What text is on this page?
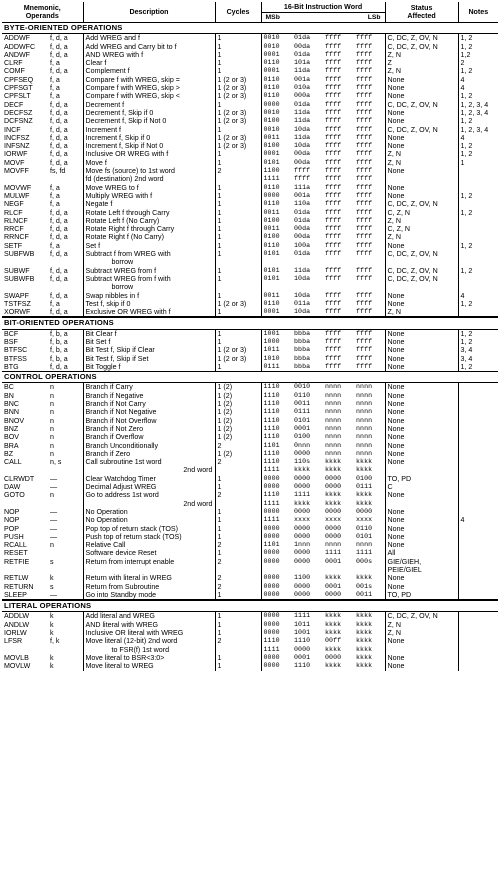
Mnemonic,
Operands		Description	Cycles	16-Bit Instruction Word				Status
Affected	Notes
				MSb		LSb			
BYTE-ORIENTED OPERATIONS									
ADDWF	f, d, a	Add WREG and f	1	0010	01da	ffff	ffff	C, DC, Z, OV, N	1, 2
ADDWFC	f, d, a	Add WREG and Carry bit to f	1	0010	00da	ffff	ffff	C, DC, Z, OV, N	1, 2
ANDWF	f, d, a	AND WREG with f	1	0001	01da	ffff	ffff	Z, N	1,2
CLRF	f, a	Clear f	1	0110	101a	ffff	ffff	Z	2
COMF	f, d, a	Complement f	1	0001	11da	ffff	ffff	Z, N	1, 2
CPFSEQ	f, a	Compare f with WREG, skip =	1 (2 or 3)	0110	001a	ffff	ffff	None	4
CPFSGT	f, a	Compare f with WREG, skip >	1 (2 or 3)	0110	010a	ffff	ffff	None	4
CPFSLT	f, a	Compare f with WREG, skip <	1 (2 or 3)	0110	000a	ffff	ffff	None	1, 2
DECF	f, d, a	Decrement f	1	0000	01da	ffff	ffff	C, DC, Z, OV, N	1, 2, 3, 4
DECFSZ	f, d, a	Decrement f, Skip if 0	1 (2 or 3)	0010	11da	ffff	ffff	None	1, 2, 3, 4
DCFSNZ	f, d, a	Decrement f, Skip if Not 0	1 (2 or 3)	0100	11da	ffff	ffff	None	1, 2
INCF	f, d, a	Increment f	1	0010	10da	ffff	ffff	C, DC, Z, OV, N	1, 2, 3, 4
INCFSZ	f, d, a	Increment f, Skip if 0	1 (2 or 3)	0011	11da	ffff	ffff	None	4
INFSNZ	f, d, a	Increment f, Skip if Not 0	1 (2 or 3)	0100	10da	ffff	ffff	None	1, 2
IORWF	f, d, a	Inclusive OR WREG with f	1	0001	00da	ffff	ffff	Z, N	1, 2
MOVF	f, d, a	Move f	1	0101	00da	ffff	ffff	Z, N	1
MOVFF	fs, fd	Move fs (source) to 1st word	2	1100	ffff	ffff	ffff	None	
		fd (destination) 2nd word		1111	ffff	ffff	ffff		
MOVWF	f, a	Move WREG to f	1	0110	111a	ffff	ffff	None	
MULWF	f, a	Multiply WREG with f	1	0000	001a	ffff	ffff	None	1, 2
NEGF	f, a	Negate f	1	0110	110a	ffff	ffff	C, DC, Z, OV, N	
RLCF	f, d, a	Rotate Left f through Carry	1	0011	01da	ffff	ffff	C, Z, N	1, 2
RLNCF	f, d, a	Rotate Left f (No Carry)	1	0100	01da	ffff	ffff	Z, N	
RRCF	f, d, a	Rotate Right f through Carry	1	0011	00da	ffff	ffff	C, Z, N	
RRNCF	f, d, a	Rotate Right f (No Carry)	1	0100	00da	ffff	ffff	Z, N	
SETF	f, a	Set f	1	0110	100a	ffff	ffff	None	1, 2
SUBFWB	f, d, a	Subtract f from WREG with	1	0101	01da	ffff	ffff	C, DC, Z, OV, N	
		borrow							
SUBWF	f, d, a	Subtract WREG from f	1	0101	11da	ffff	ffff	C, DC, Z, OV, N	1, 2
SUBWFB	f, d, a	Subtract WREG from f with	1	0101	10da	ffff	ffff	C, DC, Z, OV, N	
		borrow							
SWAPF	f, d, a	Swap nibbles in f	1	0011	10da	ffff	ffff	None	4
TSTFSZ	f, a	Test f, skip if 0	1 (2 or 3)	0110	011a	ffff	ffff	None	1, 2
XORWF	f, d, a	Exclusive OR WREG with f	1	0001	10da	ffff	ffff	Z, N	
BIT-ORIENTED OPERATIONS									
BCF	f, b, a	Bit Clear f	1	1001	bbba	ffff	ffff	None	1, 2
BSF	f, b, a	Bit Set f	1	1000	bbba	ffff	ffff	None	1, 2
BTFSC	f, b, a	Bit Test f, Skip if Clear	1 (2 or 3)	1011	bbba	ffff	ffff	None	3, 4
BTFSS	f, b, a	Bit Test f, Skip if Set	1 (2 or 3)	1010	bbba	ffff	ffff	None	3, 4
BTG	f, d, a	Bit Toggle f	1	0111	bbba	ffff	ffff	None	1, 2
CONTROL OPERATIONS									
BC	n	Branch if Carry	1 (2)	1110	0010	nnnn	nnnn	None	
BN	n	Branch if Negative	1 (2)	1110	0110	nnnn	nnnn	None	
BNC	n	Branch if Not Carry	1 (2)	1110	0011	nnnn	nnnn	None	
BNN	n	Branch if Not Negative	1 (2)	1110	0111	nnnn	nnnn	None	
BNOV	n	Branch if Not Overflow	1 (2)	1110	0101	nnnn	nnnn	None	
BNZ	n	Branch if Not Zero	1 (2)	1110	0001	nnnn	nnnn	None	
BOV	n	Branch if Overflow	1 (2)	1110	0100	nnnn	nnnn	None	
BRA	n	Branch Unconditionally	2	1101	0nnn	nnnn	nnnn	None	
BZ	n	Branch if Zero	1 (2)	1110	0000	nnnn	nnnn	None	
CALL	n, s	Call subroutine 1st word	2	1110	110s	kkkk	kkkk	None	
		2nd word		1111	kkkk	kkkk	kkkk		
CLRWDT	—	Clear Watchdog Timer	1	0000	0000	0000	0100	TO, PD	
DAW	—	Decimal Adjust WREG	1	0000	0000	0000	0111	C	
GOTO	n	Go to address 1st word	2	1110	1111	kkkk	kkkk	None	
		2nd word		1111	kkkk	kkkk	kkkk		
NOP	—	No Operation	1	0000	0000	0000	0000	None	
NOP	—	No Operation	1	1111	xxxx	xxxx	xxxx	None	4
POP	—	Pop top of return stack (TOS)	1	0000	0000	0000	0110	None	
PUSH	—	Push top of return stack (TOS)	1	0000	0000	0000	0101	None	
RCALL	n	Relative Call	2	1101	1nnn	nnnn	nnnn	None	
RESET		Software device Reset	1	0000	0000	1111	1111	All	
RETFIE	s	Return from interrupt enable	2	0000	0000	0001	000s	GIE/GIEH,	
								PEIE/GIEL	
RETLW	k	Return with literal in WREG	2	0000	1100	kkkk	kkkk	None	
RETURN	s	Return from Subroutine	2	0000	0000	0001	001s	None	
SLEEP	—	Go into Standby mode	1	0000	0000	0000	0011	TO, PD	
LITERAL OPERATIONS									
ADDLW	k	Add literal and WREG	1	0000	1111	kkkk	kkkk	C, DC, Z, OV, N	
ANDLW	k	AND literal with WREG	1	0000	1011	kkkk	kkkk	Z, N	
IORLW	k	Inclusive OR literal with WREG	1	0000	1001	kkkk	kkkk	Z, N	
LFSR	f, k	Move literal (12-bit) 2nd word	2	1110	1110	00ff	kkkk	None	
		to FSR(f) 1st word		1111	0000	kkkk	kkkk		
MOVLB	k	Move literal to BSR<3:0>	1	0000	0001	0000	kkkk	None	
MOVLW	k	Move literal to WREG	1	0000	1110	kkkk	kkkk	None	
